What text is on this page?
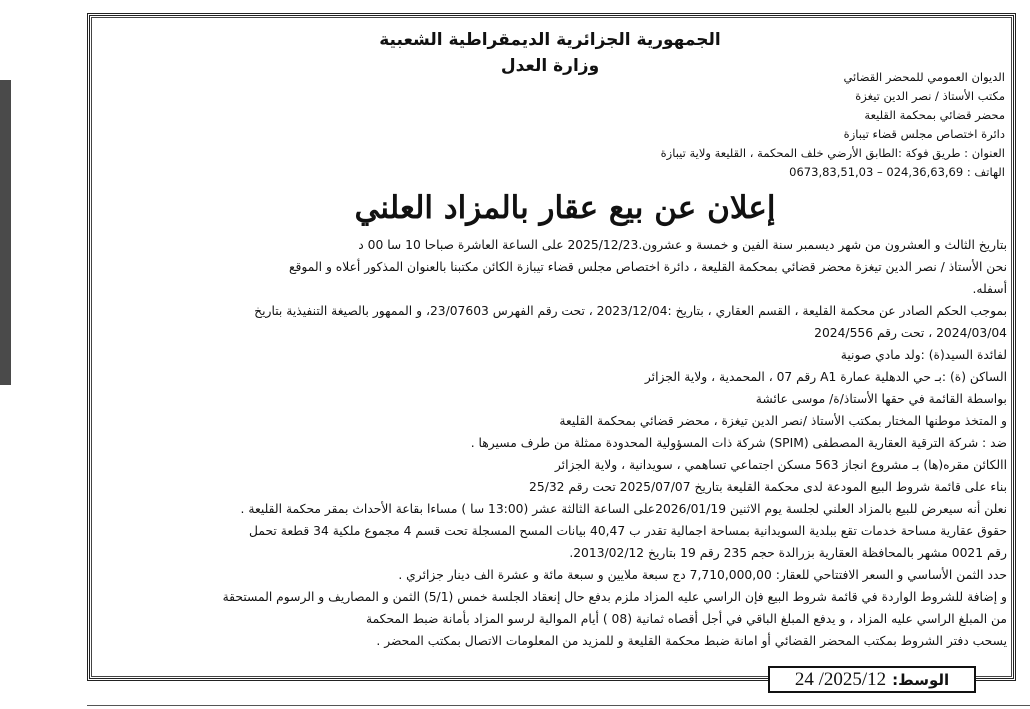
الجمهورية الجزائرية الديمقراطية الشعبية
وزارة العدل
الديوان العمومي للمحضر القضائي
مكتب الأستاذ / نصر الدين تيغزة
محضر قضائي بمحكمة القليعة
دائرة اختصاص مجلس قضاء تيبازة
العنوان : طريق فوكة :الطابق الأرضي خلف المحكمة ، القليعة ولاية تيبازة
الهاتف : 024,36,63,69 – 0673,83,51,03
إعلان عن بيع عقار بالمزاد العلني
بتاريخ الثالث و العشرون من شهر ديسمبر سنة الفين و خمسة و عشرون.2025/12/23 على الساعة العاشرة صباحا 10 سا 00 د
نحن الأستاذ / نصر الدين تيغزة محضر قضائي بمحكمة القليعة ، دائرة اختصاص مجلس قضاء تيبازة الكائن مكتبنا بالعنوان المذكور أعلاه و الموقع
أسفله.
بموجب الحكم الصادر عن محكمة القليعة ، القسم العقاري ، بتاريخ :2023/12/04 ، تحت رقم الفهرس 23/07603، و الممهور بالصيغة التنفيذية بتاريخ
2024/03/04 ، تحت رقم 2024/556
لفائدة السيد(ة) :ولد مادي صونية
الساكن (ة) :بـ حي الدهلية عمارة A1 رقم 07 ، المحمدية ، ولاية الجزائر
بواسطة القائمة في حقها الأستاذ/ة/ موسى عائشة
و المتخذ موطنها المختار بمكتب الأستاذ /نصر الدين تيغزة ، محضر قضائي بمحكمة القليعة
ضد : شركة الترقية العقارية المصطفى (SPIM) شركة ذات المسؤولية المحدودة ممثلة من طرف مسيرها .
االكائن مقره(ها) بـ مشروع انجاز 563 مسكن اجتماعي تساهمي ، سويدانية ، ولاية الجزائر
بناء على قائمة شروط البيع المودعة لدى محكمة القليعة بتاريخ 2025/07/07 تحت رقم 25/32
نعلن أنه سيعرض للبيع بالمزاد العلني لجلسة يوم الاثنين 2026/01/19على الساعة الثالثة عشر (13:00 سا ) مساءا بقاعة الأحداث بمقر محكمة القليعة .
حقوق عقارية مساحة خدمات تقع ببلدية السويدانية بمساحة اجمالية تقدر ب 40,47 بيانات المسح المسجلة تحت قسم 4 مجموع ملكية 34 قطعة تحمل
رقم 0021 مشهر بالمحافظة العقارية بزرالدة حجم 235 رقم 19 بتاريخ 2013/02/12.
حدد الثمن الأساسي و السعر الافتتاحي للعقار: 7,710,000,00 دج سبعة ملايين و سبعة مائة و عشرة الف دينار جزائري .
و إضافة للشروط الواردة في قائمة شروط البيع فإن الراسي عليه المزاد ملزم بدفع حال إنعقاد الجلسة خمس (5/1) الثمن و المصاريف و الرسوم المستحقة
من المبلغ الراسي عليه المزاد ، و يدفع المبلغ الباقي في أجل أقصاه ثمانية (08 ) أيام الموالية لرسو المزاد بأمانة ضبط المحكمة
يسحب دفتر الشروط بمكتب المحضر القضائي أو امانة ضبط محكمة القليعة و للمزيد من المعلومات الاتصال بمكتب المحضر .
الوسط:
2025/12/ 24
